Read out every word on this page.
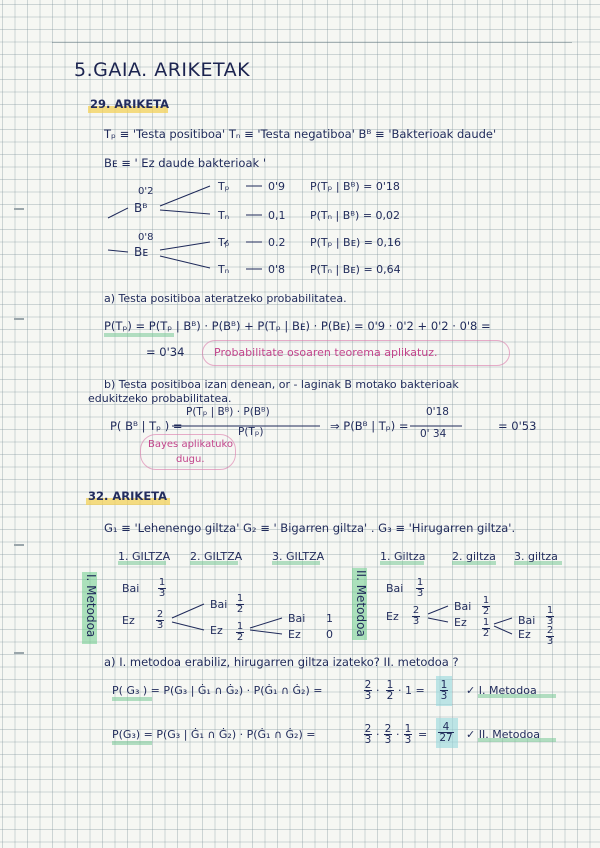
5.GAIA. ARIKETAK
29. ARIKETA
Tₚ ≡ 'Testa positiboa' Tₙ ≡ 'Testa negatiboa' Bᴮ ≡ 'Bakterioak daude'
Bᴇ ≡ ' Ez daude bakterioak '
0'2
Bᴮ
0'8
Bᴇ
Tₚ	0'9 P(Tₚ | Bᴮ) = 0'18
Tₙ	0,1 P(Tₙ | Bᴮ) = 0,02
Tₚ	0.2 P(Tₚ | Bᴇ) = 0,16
Tₙ	0'8 P(Tₙ | Bᴇ) = 0,64
a) Testa positiboa ateratzeko probabilitatea.
P(Tₚ) = P(Tₚ | Bᴮ) · P(Bᴮ) + P(Tₚ | Bᴇ) · P(Bᴇ) = 0'9 · 0'2 + 0'2 · 0'8 =
= 0'34	Probabilitate osoaren teorema aplikatuz.
b) Testa positiboa izan denean, or - laginak B motako bakterioak
edukitzeko probabilitatea.
P( Bᴮ | Tₚ ) =
P(Tₚ | Bᴮ) · P(Bᴮ)
P(Tₚ)	⇒ P(Bᴮ | Tₚ) =
0'18
0' 34
= 0'53
Bayes aplikatuko
dugu.
32. ARIKETA
G₁ ≡ 'Lehenengo giltza' G₂ ≡ ' Bigarren giltza' . G₃ ≡ 'Hirugarren giltza'.
1. GILTZA 2. GILTZA	3. GILTZA	1. Giltza 2. giltza 3. giltza
I. Metodoa	II. Metodoa
Bai $\frac{1}{3}$
Ez $\frac{2}{3}$
Bai $\frac{1}{2}$
Ez $\frac{1}{2}$
Bai 1
Ez 0
Bai $\frac{1}{3}$
Ez $\frac{2}{3}$	Bai $\frac{1}{2}$
Ez $\frac{1}{2}$	Bai $\frac{1}{3}$
Ez $\frac{2}{3}$
a) I. metodoa erabiliz, hirugarren giltza izateko? II. metodoa ?
P( G₃ ) = P(G₃ | Ġ₁ ∩ Ġ₂) · P(Ġ₁ ∩ Ġ₂) =	$\frac{2}{3} \cdot \frac{1}{2} \cdot 1 = \frac{1}{3}$ ✓ I. Metodoa
P(G₃) = P(G₃ | Ġ₁ ∩ Ġ₂) · P(Ġ₁ ∩ Ġ₂) =	$\frac{2}{3} \cdot \frac{2}{3} \cdot \frac{1}{3} = \frac{4}{27}$ ✓ II. Metodoa
